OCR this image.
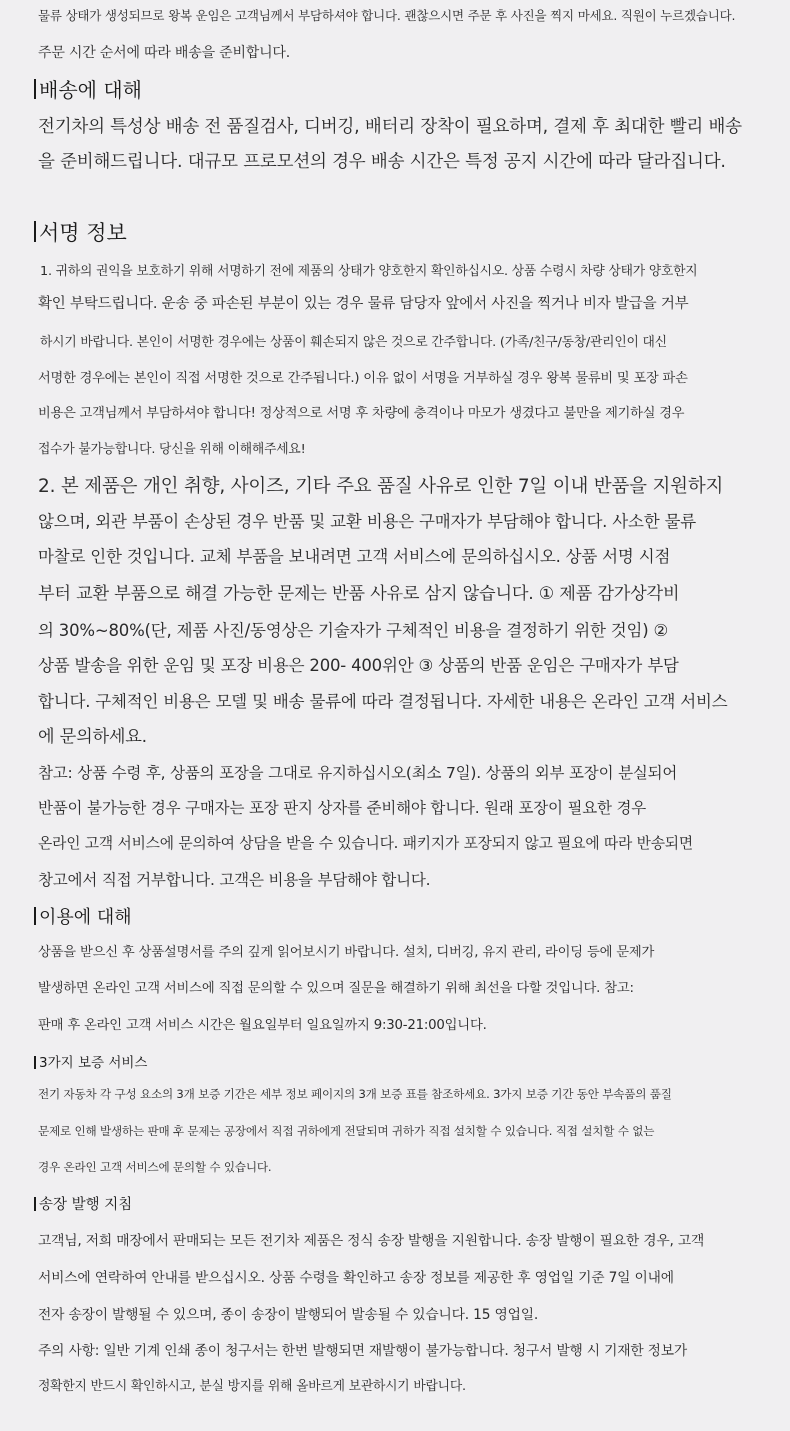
물류 상태가 생성되므로 왕복 운임은 고객님께서 부담하셔야 합니다. 괜찮으시면 주문 후 사진을 찍지 마세요. 직원이 누르겠습니다.
주문 시간 순서에 따라 배송을 준비합니다.
배송에 대해
전기차의 특성상 배송 전 품질검사, 디버깅, 배터리 장착이 필요하며, 결제 후 최대한 빨리 배송
을 준비해드립니다. 대규모 프로모션의 경우 배송 시간은 특정 공지 시간에 따라 달라집니다.
서명 정보
1. 귀하의 권익을 보호하기 위해 서명하기 전에 제품의 상태가 양호한지 확인하십시오. 상품 수령시 차량 상태가 양호한지
확인 부탁드립니다. 운송 중 파손된 부분이 있는 경우 물류 담당자 앞에서 사진을 찍거나 비자 발급을 거부
하시기 바랍니다. 본인이 서명한 경우에는 상품이 훼손되지 않은 것으로 간주합니다. (가족/친구/동창/관리인이 대신
서명한 경우에는 본인이 직접 서명한 것으로 간주됩니다.) 이유 없이 서명을 거부하실 경우 왕복 물류비 및 포장 파손
비용은 고객님께서 부담하셔야 합니다! 정상적으로 서명 후 차량에 충격이나 마모가 생겼다고 불만을 제기하실 경우
접수가 불가능합니다. 당신을 위해 이해해주세요!
2. 본 제품은 개인 취향, 사이즈, 기타 주요 품질 사유로 인한 7일 이내 반품을 지원하지
않으며, 외관 부품이 손상된 경우 반품 및 교환 비용은 구매자가 부담해야 합니다. 사소한 물류
마찰로 인한 것입니다. 교체 부품을 보내려면 고객 서비스에 문의하십시오. 상품 서명 시점
부터 교환 부품으로 해결 가능한 문제는 반품 사유로 삼지 않습니다. ① 제품 감가상각비
의 30%~80%(단, 제품 사진/동영상은 기술자가 구체적인 비용을 결정하기 위한 것임) ②
상품 발송을 위한 운임 및 포장 비용은 200- 400위안 ③ 상품의 반품 운임은 구매자가 부담
합니다. 구체적인 비용은 모델 및 배송 물류에 따라 결정됩니다. 자세한 내용은 온라인 고객 서비스
에 문의하세요.
참고: 상품 수령 후, 상품의 포장을 그대로 유지하십시오(최소 7일). 상품의 외부 포장이 분실되어
반품이 불가능한 경우 구매자는 포장 판지 상자를 준비해야 합니다. 원래 포장이 필요한 경우
온라인 고객 서비스에 문의하여 상담을 받을 수 있습니다. 패키지가 포장되지 않고 필요에 따라 반송되면
창고에서 직접 거부합니다. 고객은 비용을 부담해야 합니다.
이용에 대해
상품을 받으신 후 상품설명서를 주의 깊게 읽어보시기 바랍니다. 설치, 디버깅, 유지 관리, 라이딩 등에 문제가
발생하면 온라인 고객 서비스에 직접 문의할 수 있으며 질문을 해결하기 위해 최선을 다할 것입니다. 참고:
판매 후 온라인 고객 서비스 시간은 월요일부터 일요일까지 9:30-21:00입니다.
3가지 보증 서비스
전기 자동차 각 구성 요소의 3개 보증 기간은 세부 정보 페이지의 3개 보증 표를 참조하세요. 3가지 보증 기간 동안 부속품의 품질
문제로 인해 발생하는 판매 후 문제는 공장에서 직접 귀하에게 전달되며 귀하가 직접 설치할 수 있습니다. 직접 설치할 수 없는
경우 온라인 고객 서비스에 문의할 수 있습니다.
송장 발행 지침
고객님, 저희 매장에서 판매되는 모든 전기차 제품은 정식 송장 발행을 지원합니다. 송장 발행이 필요한 경우, 고객
서비스에 연락하여 안내를 받으십시오. 상품 수령을 확인하고 송장 정보를 제공한 후 영업일 기준 7일 이내에
전자 송장이 발행될 수 있으며, 종이 송장이 발행되어 발송될 수 있습니다. 15 영업일.
주의 사항: 일반 기계 인쇄 종이 청구서는 한번 발행되면 재발행이 불가능합니다. 청구서 발행 시 기재한 정보가
정확한지 반드시 확인하시고, 분실 방지를 위해 올바르게 보관하시기 바랍니다.
